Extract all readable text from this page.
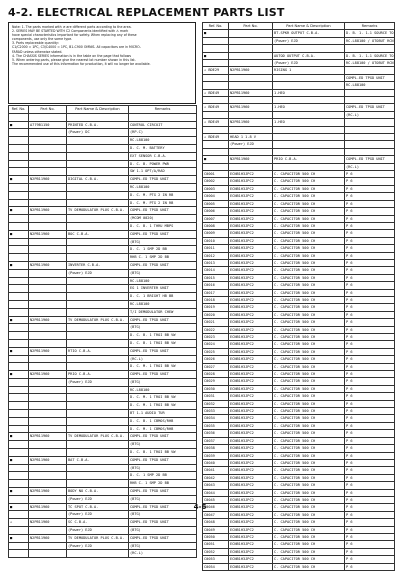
4-2. ELECTRICAL REPLACEMENT PARTS LIST
Note: 1. The parts marked with ≠ are different parts according to the area.
2. SERIES MAY BE STARTED WITH C2 Components identified with ⚠ mark
have special characteristics important for safety. When replacing any of these
components, use only the same type.
3. Parts replaceable quantity:
C1/C2000 = 1PC, C3/C4000 = 1PC, B1-C900 OMNIS. All capacitors are in MICRO-
FARAD unless otherwise stated.
4. The CHASSIS SERIES information is in the table on the page that follows
5. When ordering parts, please give the nearest lot number shown in this list.
The recommended use of this information for production, it will no longer be available.
Ref. No.	Part No.	Part Name & Description	Remarks

■	A779B1150	PRINTED C.B.A.	CONTROL CIRCUIT
		(Power) DC	(RP-C)
			RC-L88100
			D. C. M. BATTERY
			EXT SENSOR C.B.A.
			D. C. B. POWER PWR
			SW 1-1 OPT/A/RAD
■	N2PB11960	DIGITAL C.B.A.	COMPL.ED TPGD UNIT
			RC-L88100
			D. C. M. PTG 2 IN RB
			D. C. M. PTG 2 IN RB
■	N2PB11960	TV DEMODULATOR PLUS C.B.A.	COMPL.ED TPGD UNIT
			(MCOM 0020)
			D. C. B. 1 THRU MBPS
■	N2PB11960	BOC C.B.A.	COMPL.ED TPGD UNIT
			(BTG)
			D. C. 1 SMP 2D BB
			RHB C. 1 SMP 2D BB
■	N2PB11960	INVERTER C.B.A.	COMPL.ED TPGD UNIT
		(Power) EJD	(BTG)
			RC-L88100
			EG 1 INVERTER UNIT
			D. C. 1 BRIGHT HB BB
			RC-L88100
			T/I DEMODULATOR CHEW
■	N2PB11960	TV DEMODULATOR PLUS C.B.A.	COMPL.ED TPGD UNIT
			(BTG)
			D. C. B. 1 TROI BB VW
			D. C. B. 1 TROI BB VW
■	N2PB11960	RTIO C.B.A.	COMPL.ED TPGD UNIT
			(RC-L)
			D. C. M. 1 TROI BB VW
■	N2PB11960	PRIO C.B.A.	COMPL.ED TPGD UNIT
		(Power) EJD	(BTG)
			RC-L88100
			D. C. M. 1 TROI BB VW
			D. C. M. 1 TROI BB VW
			BT 1-1 AUDIO TUR
			D. C. B. 1 CBMOS/RHB
			D. C. M. 1 CBMOS/RHB
■	N2PB11960	TV DEMODULATOR PLUS C.B.A.	COMPL.ED TPGD UNIT
			(BTG)
			D. C. B. 1 TROI BB VW
■	N2PB11960	BAT C.B.A.	COMPL.ED TPGD UNIT
			(BTG)
			D. C. 1 SMP 2D BB
			RHB C. 1 SMP 2D BB
■	N2PB11960	BODY NO C.B.A.	COMPL.ED TPGD UNIT
		(Power) EJD	(BTG)
■	N2PB11960	TC SPOT C.B.A.	COMPL.ED TPGD UNIT
		(Power) EJD	(BTG)
⚠	N2PB11960	SC C.B.A.	COMPL.ED TPGD UNIT
		(Power) EJD	(BTG)
■	N2PB11960	TV DEMODULATOR PLUS C.B.A.	COMPL.ED TPGD UNIT
		(Power) EJD	(BTG)
			(RC-L)
Ref. No.	Part No.	Part Name & Description	Remarks
■		BT-SPKR OUTPUT C.B.A.	D. B. 1. 1-1 SOURCE TO
		(Power) EJD	RC-L88100 / OTOBUT RCN

■		AUTOD OUTPUT C.B.A.	D. B. 1. 1-1 SOURCE TO
		(Power) EJD	RC-L88100 / OTOBUT RCN
⚠ BDE29	N2PB11960	RISING 1	
			COMPL.ED TPGD UNIT
			RC-L88100
⚠ BDE49	N2PB11960	1.HEO	

⚠ BDE49	N2PB11960	1.HEO	COMPL.ED TPGD UNIT
			(RC-L)
⚠ BDE49	N2PB11960	1.HEO	

⚠ BDE49	HEAD 1 1.8 V		
	(Power) EJD		

■	N2PB11960	PRIO C.B.A.	COMPL.ED TPGD UNIT
			(RC-L)
C0001	ECNB1H3JPC2	C. CAPACITOR 500 CH	P 6
C0002	ECNB1H3JPC2	C. CAPACITOR 500 CH	P 6
C0003	ECNB1H3JPC2	C. CAPACITOR 500 CH	P 6
C0004	ECNB1H3JPC2	C. CAPACITOR 500 CH	P 6
C0005	ECNB1H3JPC2	C. CAPACITOR 500 CH	P 6
C0006	ECNB1H3JPC2	C. CAPACITOR 500 CH	P 6
C0007	ECNB1H3JPC2	C. CAPACITOR 500 CH	P 6
C0008	ECNB1H3JPC2	C. CAPACITOR 500 CH	P 6
C0009	ECNB1H3JPC2	C. CAPACITOR 500 CH	P 6
C0010	ECNB1H3JPC2	C. CAPACITOR 500 CH	P 6
C0011	ECNB1H3JPC2	C. CAPACITOR 500 CH	P 6
C0012	ECNB1H3JPC2	C. CAPACITOR 500 CH	P 6
C0013	ECNB1H3JPC2	C. CAPACITOR 500 CH	P 6
C0014	ECNB1H3JPC2	C. CAPACITOR 500 CH	P 6
C0015	ECNB1H3JPC2	C. CAPACITOR 500 CH	P 6
C0016	ECNB1H3JPC2	C. CAPACITOR 500 CH	P 6
C0017	ECNB1H3JPC2	C. CAPACITOR 500 CH	P 6
C0018	ECNB1H3JPC2	C. CAPACITOR 500 CH	P 6
C0019	ECNB1H3JPC2	C. CAPACITOR 500 CH	P 6
C0020	ECNB1H3JPC2	C. CAPACITOR 500 CH	P 6
C0021	ECNB1H3JPC2	C. CAPACITOR 500 CH	P 6
C0022	ECNB1H3JPC2	C. CAPACITOR 500 CH	P 6
C0023	ECNB1H3JPC2	C. CAPACITOR 500 CH	P 6
C0024	ECNB1H3JPC2	C. CAPACITOR 500 CH	P 6
C0025	ECNB1H3JPC2	C. CAPACITOR 500 CH	P 6
C0026	ECNB1H3JPC2	C. CAPACITOR 500 CH	P 6
C0027	ECNB1H3JPC2	C. CAPACITOR 500 CH	P 6
C0028	ECNB1H3JPC2	C. CAPACITOR 500 CH	P 6
C0029	ECNB1H3JPC2	C. CAPACITOR 500 CH	P 6
C0030	ECNB1H3JPC2	C. CAPACITOR 500 CH	P 6
C0031	ECNB1H3JPC2	C. CAPACITOR 500 CH	P 6
C0032	ECNB1H3JPC2	C. CAPACITOR 500 CH	P 6
C0033	ECNB1H3JPC2	C. CAPACITOR 500 CH	P 6
C0034	ECNB1H3JPC2	C. CAPACITOR 500 CH	P 6
C0035	ECNB1H3JPC2	C. CAPACITOR 500 CH	P 6
C0036	ECNB1H3JPC2	C. CAPACITOR 500 CH	P 6
C0037	ECNB1H3JPC2	C. CAPACITOR 500 CH	P 6
C0038	ECNB1H3JPC2	C. CAPACITOR 500 CH	P 6
C0039	ECNB1H3JPC2	C. CAPACITOR 500 CH	P 6
C0040	ECNB1H3JPC2	C. CAPACITOR 500 CH	P 6
C0041	ECNB1H3JPC2	C. CAPACITOR 500 CH	P 6
C0042	ECNB1H3JPC2	C. CAPACITOR 500 CH	P 6
C0043	ECNB1H3JPC2	C. CAPACITOR 500 CH	P 6
C0044	ECNB1H3JPC2	C. CAPACITOR 500 CH	P 6
C0045	ECNB1H3JPC2	C. CAPACITOR 500 CH	P 6
C0046	ECNB1H3JPC2	C. CAPACITOR 500 CH	P 6
C0047	ECNB1H3JPC2	C. CAPACITOR 500 CH	P 6
C0048	ECNB1H3JPC2	C. CAPACITOR 500 CH	P 6
C0049	ECNB1H3JPC2	C. CAPACITOR 500 CH	P 6
C0050	ECNB1H3JPC2	C. CAPACITOR 500 CH	P 6
C0051	ECNB1H3JPC2	C. CAPACITOR 500 CH	P 6
C0052	ECNB1H3JPC2	C. CAPACITOR 500 CH	P 6
C0053	ECNB1H3JPC2	C. CAPACITOR 500 CH	P 6
C0054	ECNB1H3JPC2	C. CAPACITOR 500 CH	P 6
4-6
